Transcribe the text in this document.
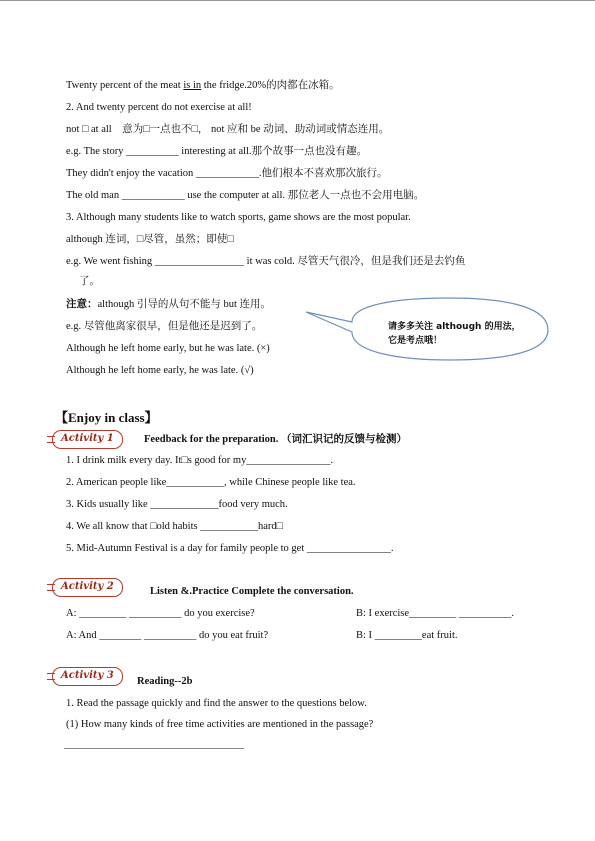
Twenty percent of the meat is in the fridge.20%的肉都在冰箱。
2. And twenty percent do not exercise at all!
not □ at all　意为□一点也不□， not 应和 be 动词、助动词或情态连用。
e.g. The story __________ interesting at all.那个故事一点也没有趣。
They didn't enjoy the vacation ____________.他们根本不喜欢那次旅行。
The old man ____________ use the computer at all. 那位老人一点也不会用电脑。
3. Although many students like to watch sports, game shows are the most popular.
although 连词，□尽管，虽然；即使□
e.g. We went fishing _________________ it was cold. 尽管天气很冷，但是我们还是去钓鱼
了。
注意：although 引导的从句不能与 but 连用。
e.g. 尽管他离家很早，但是他还是迟到了。
Although he left home early, but he was late. (×)
Although he left home early, he was late. (√)
请多多关注 although 的用法，
它是考点哦！
【Enjoy in class】
Activity 1	Feedback for the preparation. （词汇识记的反馈与检测）
1. I drink milk every day. It□s good for my________________.
2. American people like___________, while Chinese people like tea.
3. Kids usually like _____________food very much.
4. We all know that □old habits ___________hard□
5. Mid-Autumn Festival is a day for family people to get ________________.
Activity 2	Listen &.Practice Complete the conversation.
A: _________ __________ do you exercise?	B: I exercise_________ __________.
A: And ________ __________ do you eat fruit?	B: I _________eat fruit.
Activity 3
Reading--2b
1. Read the passage quickly and find the answer to the questions below.
(1) How many kinds of free time activities are mentioned in the passage?
